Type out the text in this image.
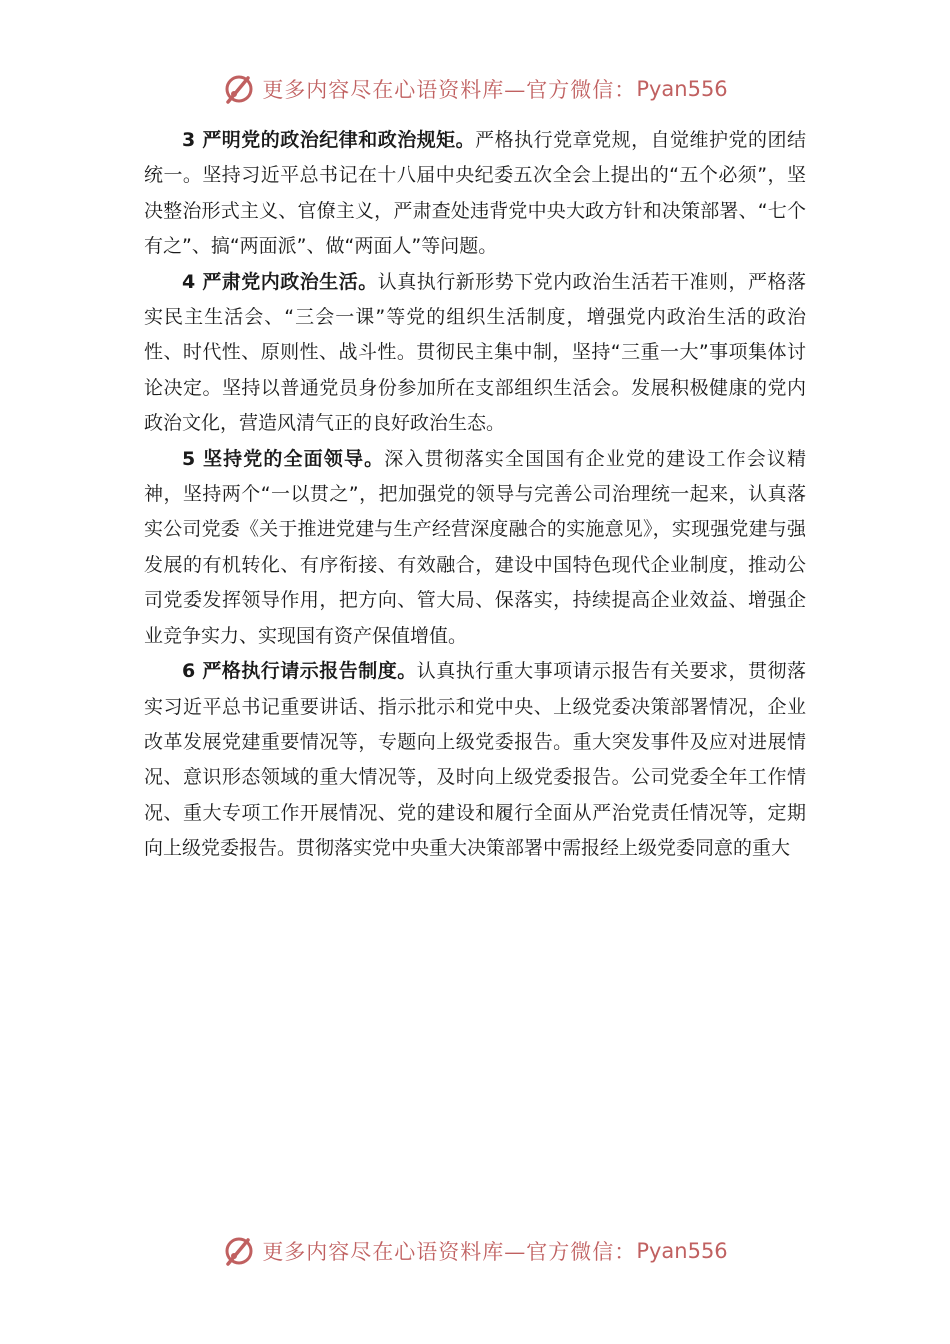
更多内容尽在心语资料库—官方微信： Pyan556

3 严明党的政治纪律和政治规矩。严格执行党章党规，自觉维护党的团结统一。坚持习近平总书记在十八届中央纪委五次全会上提出的“五个必须”，坚决整治形式主义、官僚主义，严肃查处违背党中央大政方针和决策部署、“七个有之”、搞“两面派”、做“两面人”等问题。

4 严肃党内政治生活。认真执行新形势下党内政治生活若干准则，严格落实民主生活会、“三会一课”等党的组织生活制度，增强党内政治生活的政治性、时代性、原则性、战斗性。贯彻民主集中制，坚持“三重一大”事项集体讨论决定。坚持以普通党员身份参加所在支部组织生活会。发展积极健康的党内政治文化，营造风清气正的良好政治生态。

5 坚持党的全面领导。深入贯彻落实全国国有企业党的建设工作会议精神，坚持两个“一以贯之”，把加强党的领导与完善公司治理统一起来，认真落实公司党委《关于推进党建与生产经营深度融合的实施意见》，实现强党建与强发展的有机转化、有序衔接、有效融合，建设中国特色现代企业制度，推动公司党委发挥领导作用，把方向、管大局、保落实，持续提高企业效益、增强企业竞争实力、实现国有资产保值增值。

6 严格执行请示报告制度。认真执行重大事项请示报告有关要求，贯彻落实习近平总书记重要讲话、指示批示和党中央、上级党委决策部署情况，企业改革发展党建重要情况等，专题向上级党委报告。重大突发事件及应对进展情况、意识形态领域的重大情况等，及时向上级党委报告。公司党委全年工作情况、重大专项工作开展情况、党的建设和履行全面从严治党责任情况等，定期向上级党委报告。贯彻落实党中央重大决策部署中需报经上级党委同意的重大

更多内容尽在心语资料库—官方微信： Pyan556
